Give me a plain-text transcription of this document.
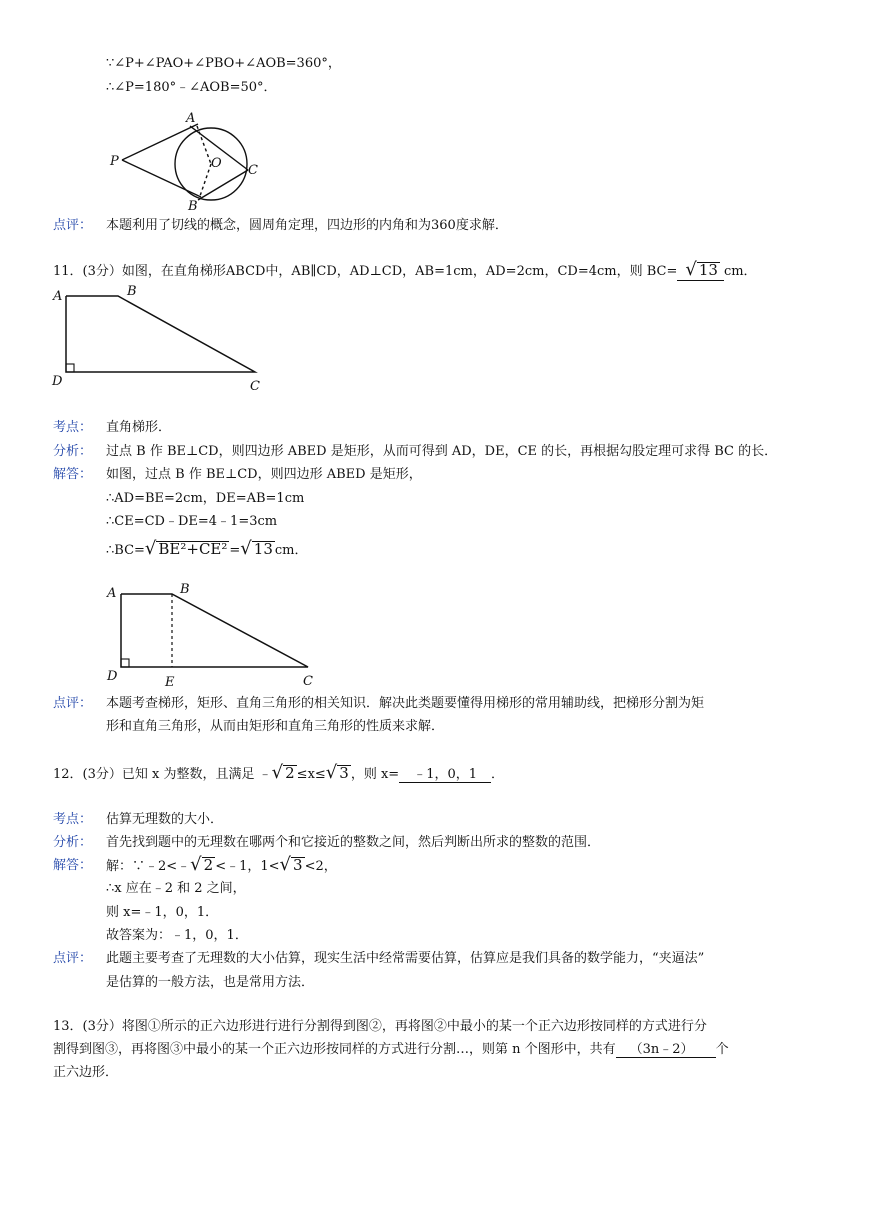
∵∠P+∠PAO+∠PBO+∠AOB=360°，
∴∠P=180°﹣∠AOB=50°．
A
P	O C
B
A	B
C
D
A	B
C
D	E
点评： 本题利用了切线的概念，圆周角定理，四边形的内角和为360度求解．
11．(3分）如图，在直角梯形ABCD中，AB∥CD，AD⊥CD，AB=1cm，AD=2cm，CD=4cm，则 BC= √ 13 cm．
考点： 直角梯形．
分析： 过点 B 作 BE⊥CD，则四边形 ABED 是矩形，从而可得到 AD，DE，CE 的长，再根据勾股定理可求得 BC 的长．
解答： 如图，过点 B 作 BE⊥CD，则四边形 ABED 是矩形，
∴AD=BE=2cm，DE=AB=1cm
∴CE=CD﹣DE=4﹣1=3cm
∴BC= √ BE²+CE² = √ 13 cm．
点评： 本题考查梯形，矩形、直角三角形的相关知识．解决此类题要懂得用梯形的常用辅助线，把梯形分割为矩
形和直角三角形，从而由矩形和直角三角形的性质来求解．
12．(3分）已知 x 为整数，且满足 ﹣ √ 2 ≤x≤ √ 3 ，则 x= ﹣1，0，1 ．
考点： 估算无理数的大小．
分析： 首先找到题中的无理数在哪两个和它接近的整数之间，然后判断出所求的整数的范围．
解答： 解：∵﹣2<﹣ √ 2 <﹣1，1< √ 3 <2，
∴x 应在﹣2 和 2 之间，
则 x=﹣1，0，1．
故答案为：﹣1，0，1．
点评： 此题主要考查了无理数的大小估算，现实生活中经常需要估算，估算应是我们具备的数学能力，“夹逼法”
是估算的一般方法，也是常用方法．
13．(3分）将图①所示的正六边形进行进行分割得到图②，再将图②中最小的某一个正六边形按同样的方式进行分
割得到图③，再将图③中最小的某一个正六边形按同样的方式进行分割…，则第 n 个图形中，共有 （3n﹣2） 个
正六边形．
